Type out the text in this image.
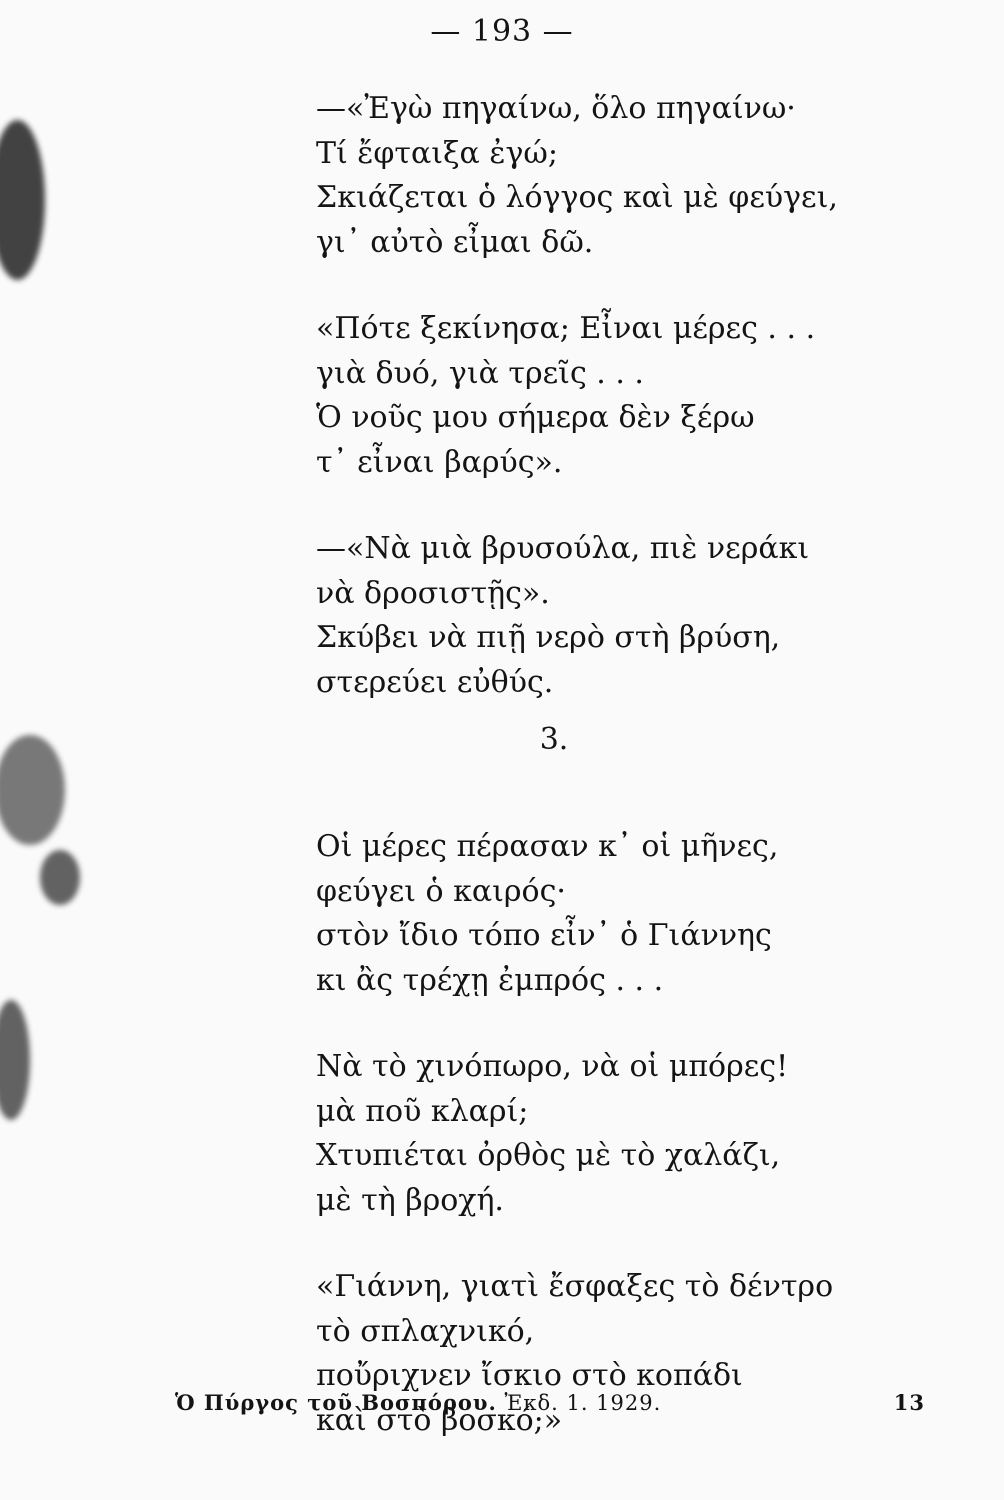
— 193 —
—«Ἐγὼ πηγαίνω, ὅλο πηγαίνω·
Τί ἔφταιξα ἐγώ;
Σκιάζεται ὁ λόγγος καὶ μὲ φεύγει,
γι᾽ αὐτὸ εἶμαι δῶ.
«Πότε ξεκίνησα; Εἶναι μέρες . . .
γιὰ δυό, γιὰ τρεῖς . . .
Ὁ νοῦς μου σήμερα δὲν ξέρω
τ᾽ εἶναι βαρύς».
—«Νὰ μιὰ βρυσούλα, πιὲ νεράκι
νὰ δροσιστῇς».
Σκύβει νὰ πιῇ νερὸ στὴ βρύση,
στερεύει εὐθύς.
Οἱ μέρες πέρασαν κ᾽ οἱ μῆνες,
φεύγει ὁ καιρός·
στὸν ἴδιο τόπο εἶν᾽ ὁ Γιάννης
κι ἂς τρέχῃ ἐμπρός . . .
Νὰ τὸ χινόπωρο, νὰ οἱ μπόρες!
μὰ ποῦ κλαρί;
Χτυπιέται ὀρθὸς μὲ τὸ χαλάζι,
μὲ τὴ βροχή.
«Γιάννη, γιατὶ ἔσφαξες τὸ δέντρο
τὸ σπλαχνικό,
ποὔριχνεν ἴσκιο στὸ κοπάδι
καὶ στὸ βοσκό;»
3.
Ὁ Πύργος τοῦ Βοσπόρου. Ἐκδ. 1. 1929.	13
